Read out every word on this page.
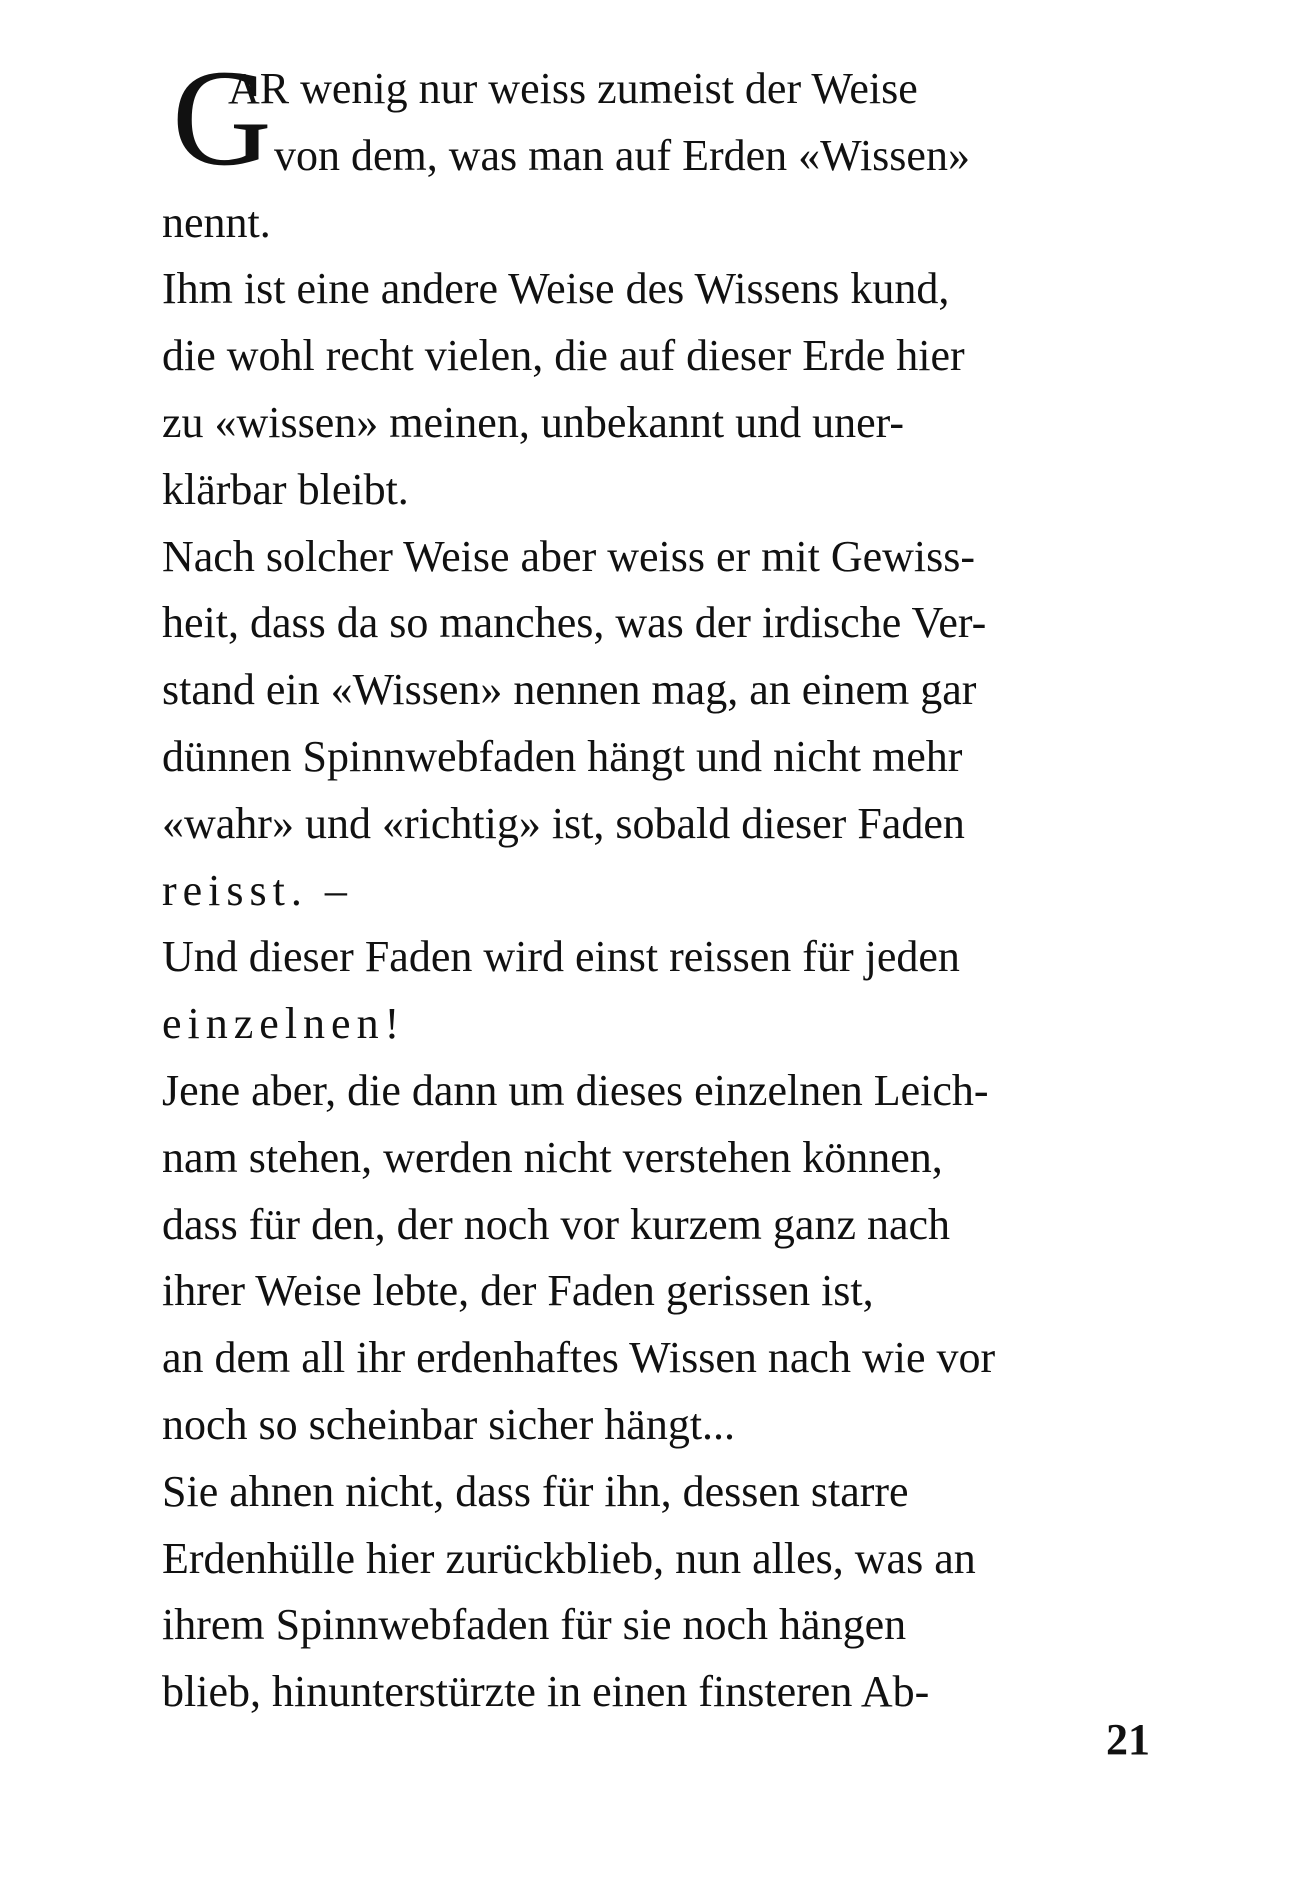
G
AR wenig nur weiss zumeist der Weise
von dem, was man auf Erden «Wissen»
nennt.
Ihm ist eine andere Weise des Wissens kund,
die wohl recht vielen, die auf dieser Erde hier
zu «wissen» meinen, unbekannt und uner-
klärbar bleibt.
Nach solcher Weise aber weiss er mit Gewiss-
heit, dass da so manches, was der irdische Ver-
stand ein «Wissen» nennen mag, an einem gar
dünnen Spinnwebfaden hängt und nicht mehr
«wahr» und «richtig» ist, sobald dieser Faden
reisst. –
Und dieser Faden wird einst reissen für jeden
einzelnen!
Jene aber, die dann um dieses einzelnen Leich-
nam stehen, werden nicht verstehen können,
dass für den, der noch vor kurzem ganz nach
ihrer Weise lebte, der Faden gerissen ist,
an dem all ihr erdenhaftes Wissen nach wie vor
noch so scheinbar sicher hängt...
Sie ahnen nicht, dass für ihn, dessen starre
Erdenhülle hier zurückblieb, nun alles, was an
ihrem Spinnwebfaden für sie noch hängen
blieb, hinunterstürzte in einen finsteren Ab-
21
